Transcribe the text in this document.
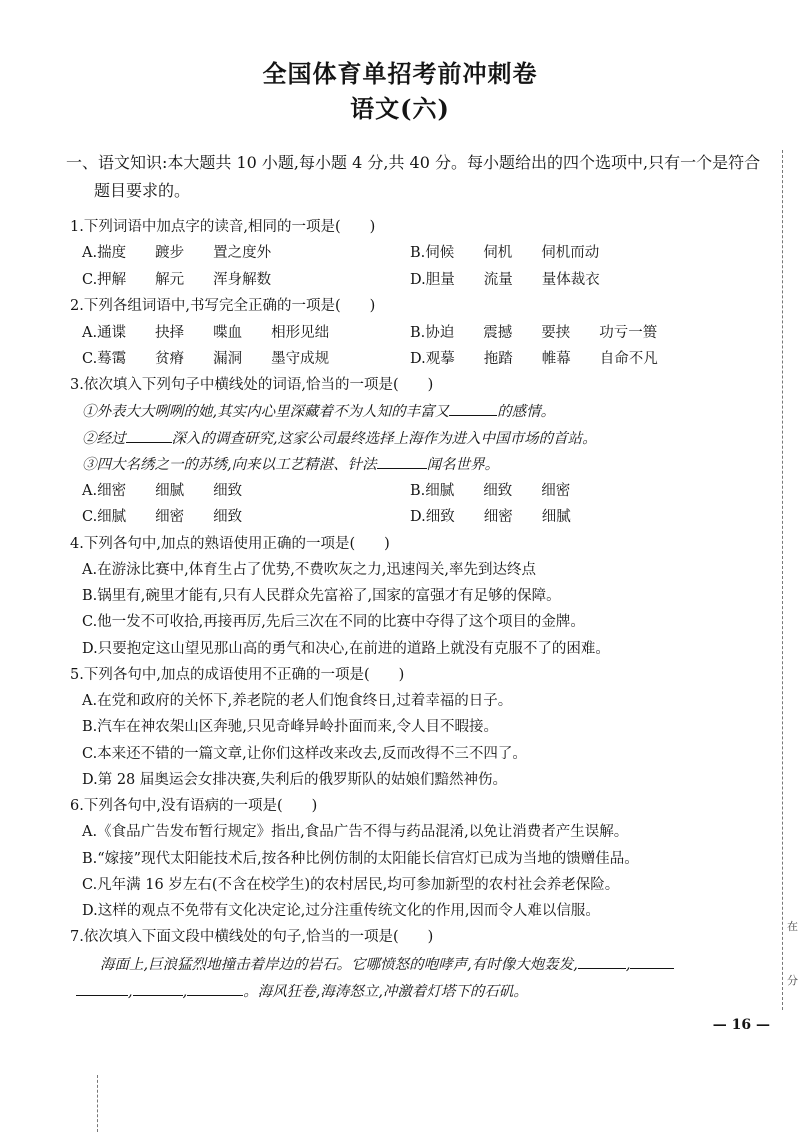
全国体育单招考前冲刺卷
语文(六)
一、语文知识:本大题共 10 小题,每小题 4 分,共 40 分。每小题给出的四个选项中,只有一个是符合
题目要求的。
1.下列词语中加点字的读音,相同的一项是(　　)
A.揣度　　踱步　　置之度外	B.伺候　　伺机　　伺机而动
C.押解　　解元　　浑身解数	D.胆量　　流量　　量体裁衣
2.下列各组词语中,书写完全正确的一项是(　　)
A.通谍　　抉择　　喋血　　相形见绌	B.协迫　　震撼　　要挟　　功亏一篑
C.蓦霭　　贫瘠　　漏洞　　墨守成规	D.观摹　　拖踏　　帷幕　　自命不凡
3.依次填入下列句子中横线处的词语,恰当的一项是(　　)
①外表大大咧咧的她,其实内心里深藏着不为人知的丰富又	的感情。
②经过	深入的调查研究,这家公司最终选择上海作为进入中国市场的首站。
③四大名绣之一的苏绣,向来以工艺精湛、针法	闻名世界。
A.细密　　细腻　　细致	B.细腻　　细致　　细密
C.细腻　　细密　　细致	D.细致　　细密　　细腻
4.下列各句中,加点的熟语使用正确的一项是(　　)
A.在游泳比赛中,体育生占了优势,不费吹灰之力,迅速闯关,率先到达终点
B.锅里有,碗里才能有,只有人民群众先富裕了,国家的富强才有足够的保障。
C.他一发不可收拾,再接再厉,先后三次在不同的比赛中夺得了这个项目的金牌。
D.只要抱定这山望见那山高的勇气和决心,在前进的道路上就没有克服不了的困难。
5.下列各句中,加点的成语使用不正确的一项是(　　)
A.在党和政府的关怀下,养老院的老人们饱食终日,过着幸福的日子。
B.汽车在神农架山区奔驰,只见奇峰异岭扑面而来,令人目不暇接。
C.本来还不错的一篇文章,让你们这样改来改去,反而改得不三不四了。
D.第 28 届奥运会女排决赛,失利后的俄罗斯队的姑娘们黯然神伤。
6.下列各句中,没有语病的一项是(　　)
A.《食品广告发布暂行规定》指出,食品广告不得与药品混淆,以免让消费者产生误解。
B.“嫁接”现代太阳能技术后,按各种比例仿制的太阳能长信宫灯已成为当地的馈赠佳品。
C.凡年满 16 岁左右(不含在校学生)的农村居民,均可参加新型的农村社会养老保险。
D.这样的观点不免带有文化决定论,过分注重传统文化的作用,因而令人难以信服。
7.依次填入下面文段中横线处的句子,恰当的一项是(　　)
海面上,巨浪猛烈地撞击着岸边的岩石。它哪愤怒的咆哮声,有时像大炮轰发,	,
,	,	。海风狂卷,海涛怒立,冲激着灯塔下的石矶。
在
分
— 16 —
